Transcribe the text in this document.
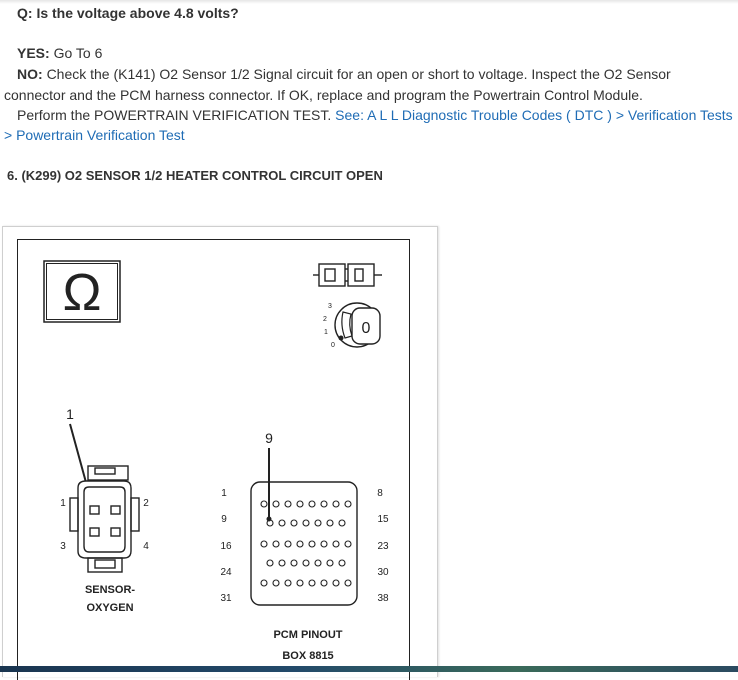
Q: Is the voltage above 4.8 volts?
YES: Go To 6
NO: Check the (K141) O2 Sensor 1/2 Signal circuit for an open or short to voltage. Inspect the O2 Sensor
connector and the PCM harness connector. If OK, replace and program the Powertrain Control Module.
Perform the POWERTRAIN VERIFICATION TEST. See: A L L Diagnostic Trouble Codes ( DTC ) > Verification Tests
> Powertrain Verification Test
6. (K299) O2 SENSOR 1/2 HEATER CONTROL CIRCUIT OPEN
Ω	3
2
1
0
0
1
1	2
3	4
SENSOR-
OXYGEN
9
1
9
16
24
31
8
15
23
30
38
PCM PINOUT
BOX 8815
